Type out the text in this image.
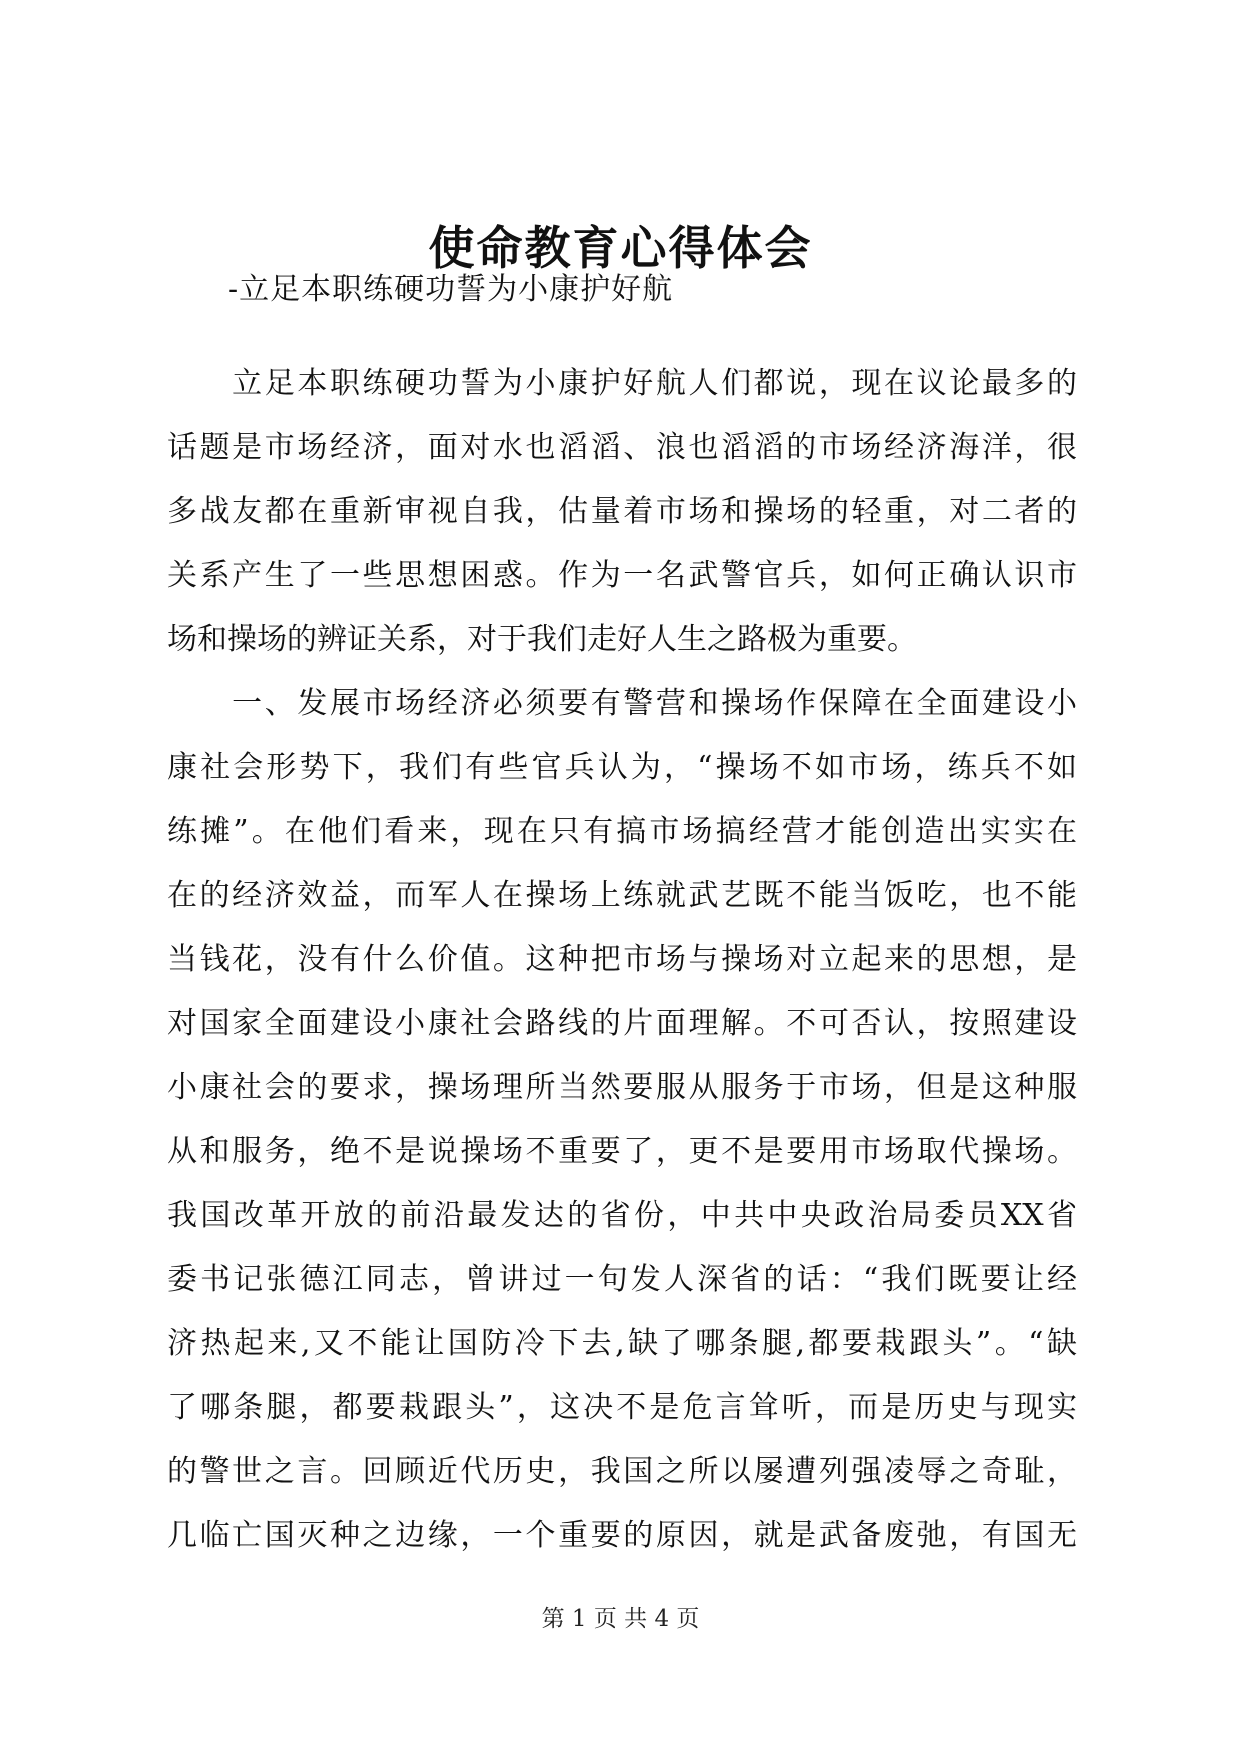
使命教育心得体会
-立足本职练硬功誓为小康护好航
　　立足本职练硬功誓为小康护好航人们都说，现在议论最多的
话题是市场经济，面对水也滔滔、浪也滔滔的市场经济海洋，很
多战友都在重新审视自我，估量着市场和操场的轻重，对二者的
关系产生了一些思想困惑。作为一名武警官兵，如何正确认识市
场和操场的辨证关系，对于我们走好人生之路极为重要。
　　一、发展市场经济必须要有警营和操场作保障在全面建设小
康社会形势下，我们有些官兵认为，“操场不如市场，练兵不如
练摊”。在他们看来，现在只有搞市场搞经营才能创造出实实在
在的经济效益，而军人在操场上练就武艺既不能当饭吃，也不能
当钱花，没有什么价值。这种把市场与操场对立起来的思想，是
对国家全面建设小康社会路线的片面理解。不可否认，按照建设
小康社会的要求，操场理所当然要服从服务于市场，但是这种服
从和服务，绝不是说操场不重要了，更不是要用市场取代操场。
我国改革开放的前沿最发达的省份，中共中央政治局委员XX省
委书记张德江同志，曾讲过一句发人深省的话：“我们既要让经
济热起来,又不能让国防冷下去,缺了哪条腿,都要栽跟头”。“缺
了哪条腿，都要栽跟头”，这决不是危言耸听，而是历史与现实
的警世之言。回顾近代历史，我国之所以屡遭列强凌辱之奇耻，
几临亡国灭种之边缘，一个重要的原因，就是武备废弛，有国无
第 1 页 共 4 页
